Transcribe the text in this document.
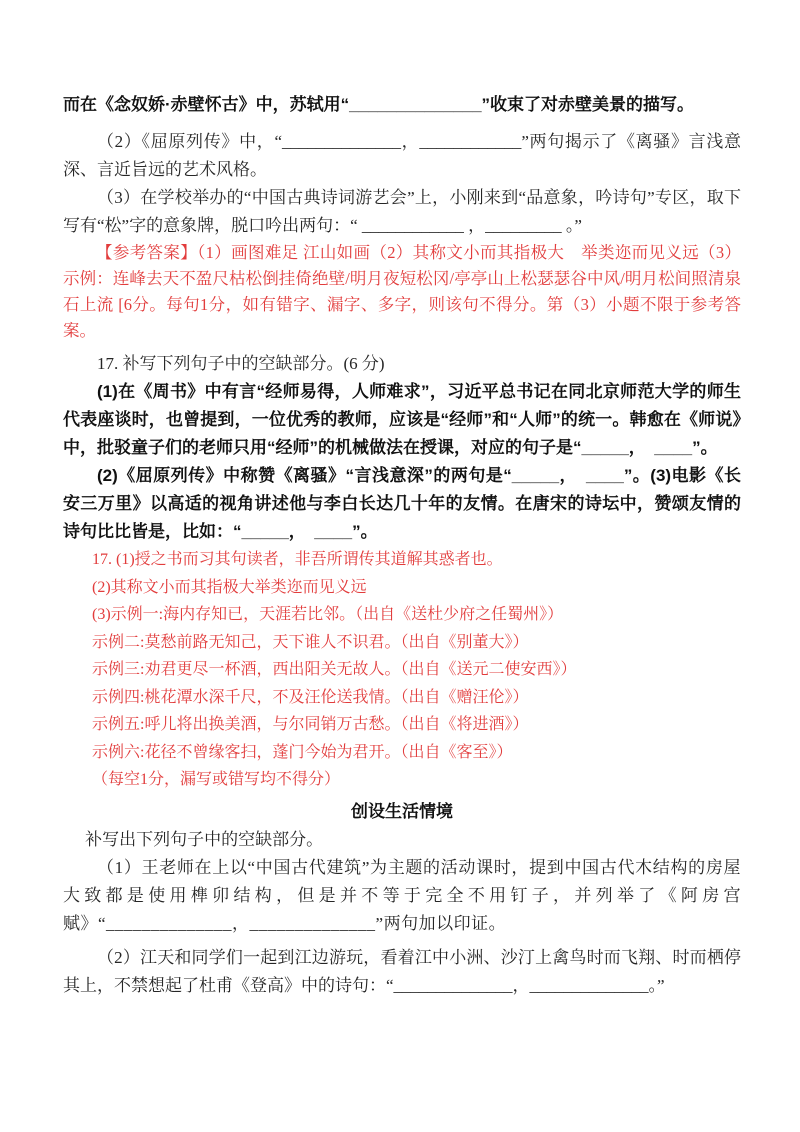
而在《念奴娇·赤壁怀古》中，苏轼用“______________”收束了对赤壁美景的描写。

（2）《屈原列传》中，“______________，____________”两句揭示了《离骚》言浅意深、言近旨远的艺术风格。

（3）在学校举办的“中国古典诗词游艺会”上，小刚来到“品意象，吟诗句”专区，取下写有“松”字的意象牌，脱口吟出两句：“ ____________ ，_________ 。”

【参考答案】（1）画图难足 江山如画（2）其称文小而其指极大　举类迩而见义远（3）示例：连峰去天不盈尺枯松倒挂倚绝壁/明月夜短松冈/亭亭山上松瑟瑟谷中风/明月松间照清泉石上流 [6分。每句1分，如有错字、漏字、多字，则该句不得分。第（3）小题不限于参考答案。

17. 补写下列句子中的空缺部分。(6 分)

(1)在《周书》中有言“经师易得，人师难求”，习近平总书记在同北京师范大学的师生代表座谈时，也曾提到，一位优秀的教师，应该是“经师”和“人师”的统一。韩愈在《师说》中，批驳童子们的老师只用“经师”的机械做法在授课，对应的句子是“_____，　____”。

(2)《屈原列传》中称赞《离骚》“言浅意深”的两句是“_____，　____”。(3)电影《长安三万里》以高适的视角讲述他与李白长达几十年的友情。在唐宋的诗坛中，赞颂友情的诗句比比皆是，比如：“_____，　____”。

17. (1)授之书而习其句读者，非吾所谓传其道解其惑者也。

(2)其称文小而其指极大举类迩而见义远

(3)示例一:海内存知已，天涯若比邻。（出自《送杜少府之任蜀州》）

示例二:莫愁前路无知己，天下谁人不识君。（出自《别董大》）

示例三:劝君更尽一杯酒，西出阳关无故人。（出自《送元二使安西》）

示例四:桃花潭水深千尺，不及汪伦送我情。（出自《赠汪伦》）

示例五:呼儿将出换美酒，与尔同销万古愁。（出自《将进酒》）

示例六:花径不曾缘客扫，蓬门今始为君开。（出自《客至》）

（每空1分，漏写或错写均不得分）

创设生活情境

补写出下列句子中的空缺部分。

（1）王老师在上以“中国古代建筑”为主题的活动课时，提到中国古代木结构的房屋大致都是使用榫卯结构，但是并不等于完全不用钉子，并列举了《阿房宫赋》“______________，______________”两句加以印证。

（2）江天和同学们一起到江边游玩，看着江中小洲、沙汀上禽鸟时而飞翔、时而栖停其上，不禁想起了杜甫《登高》中的诗句：“______________，______________。”
